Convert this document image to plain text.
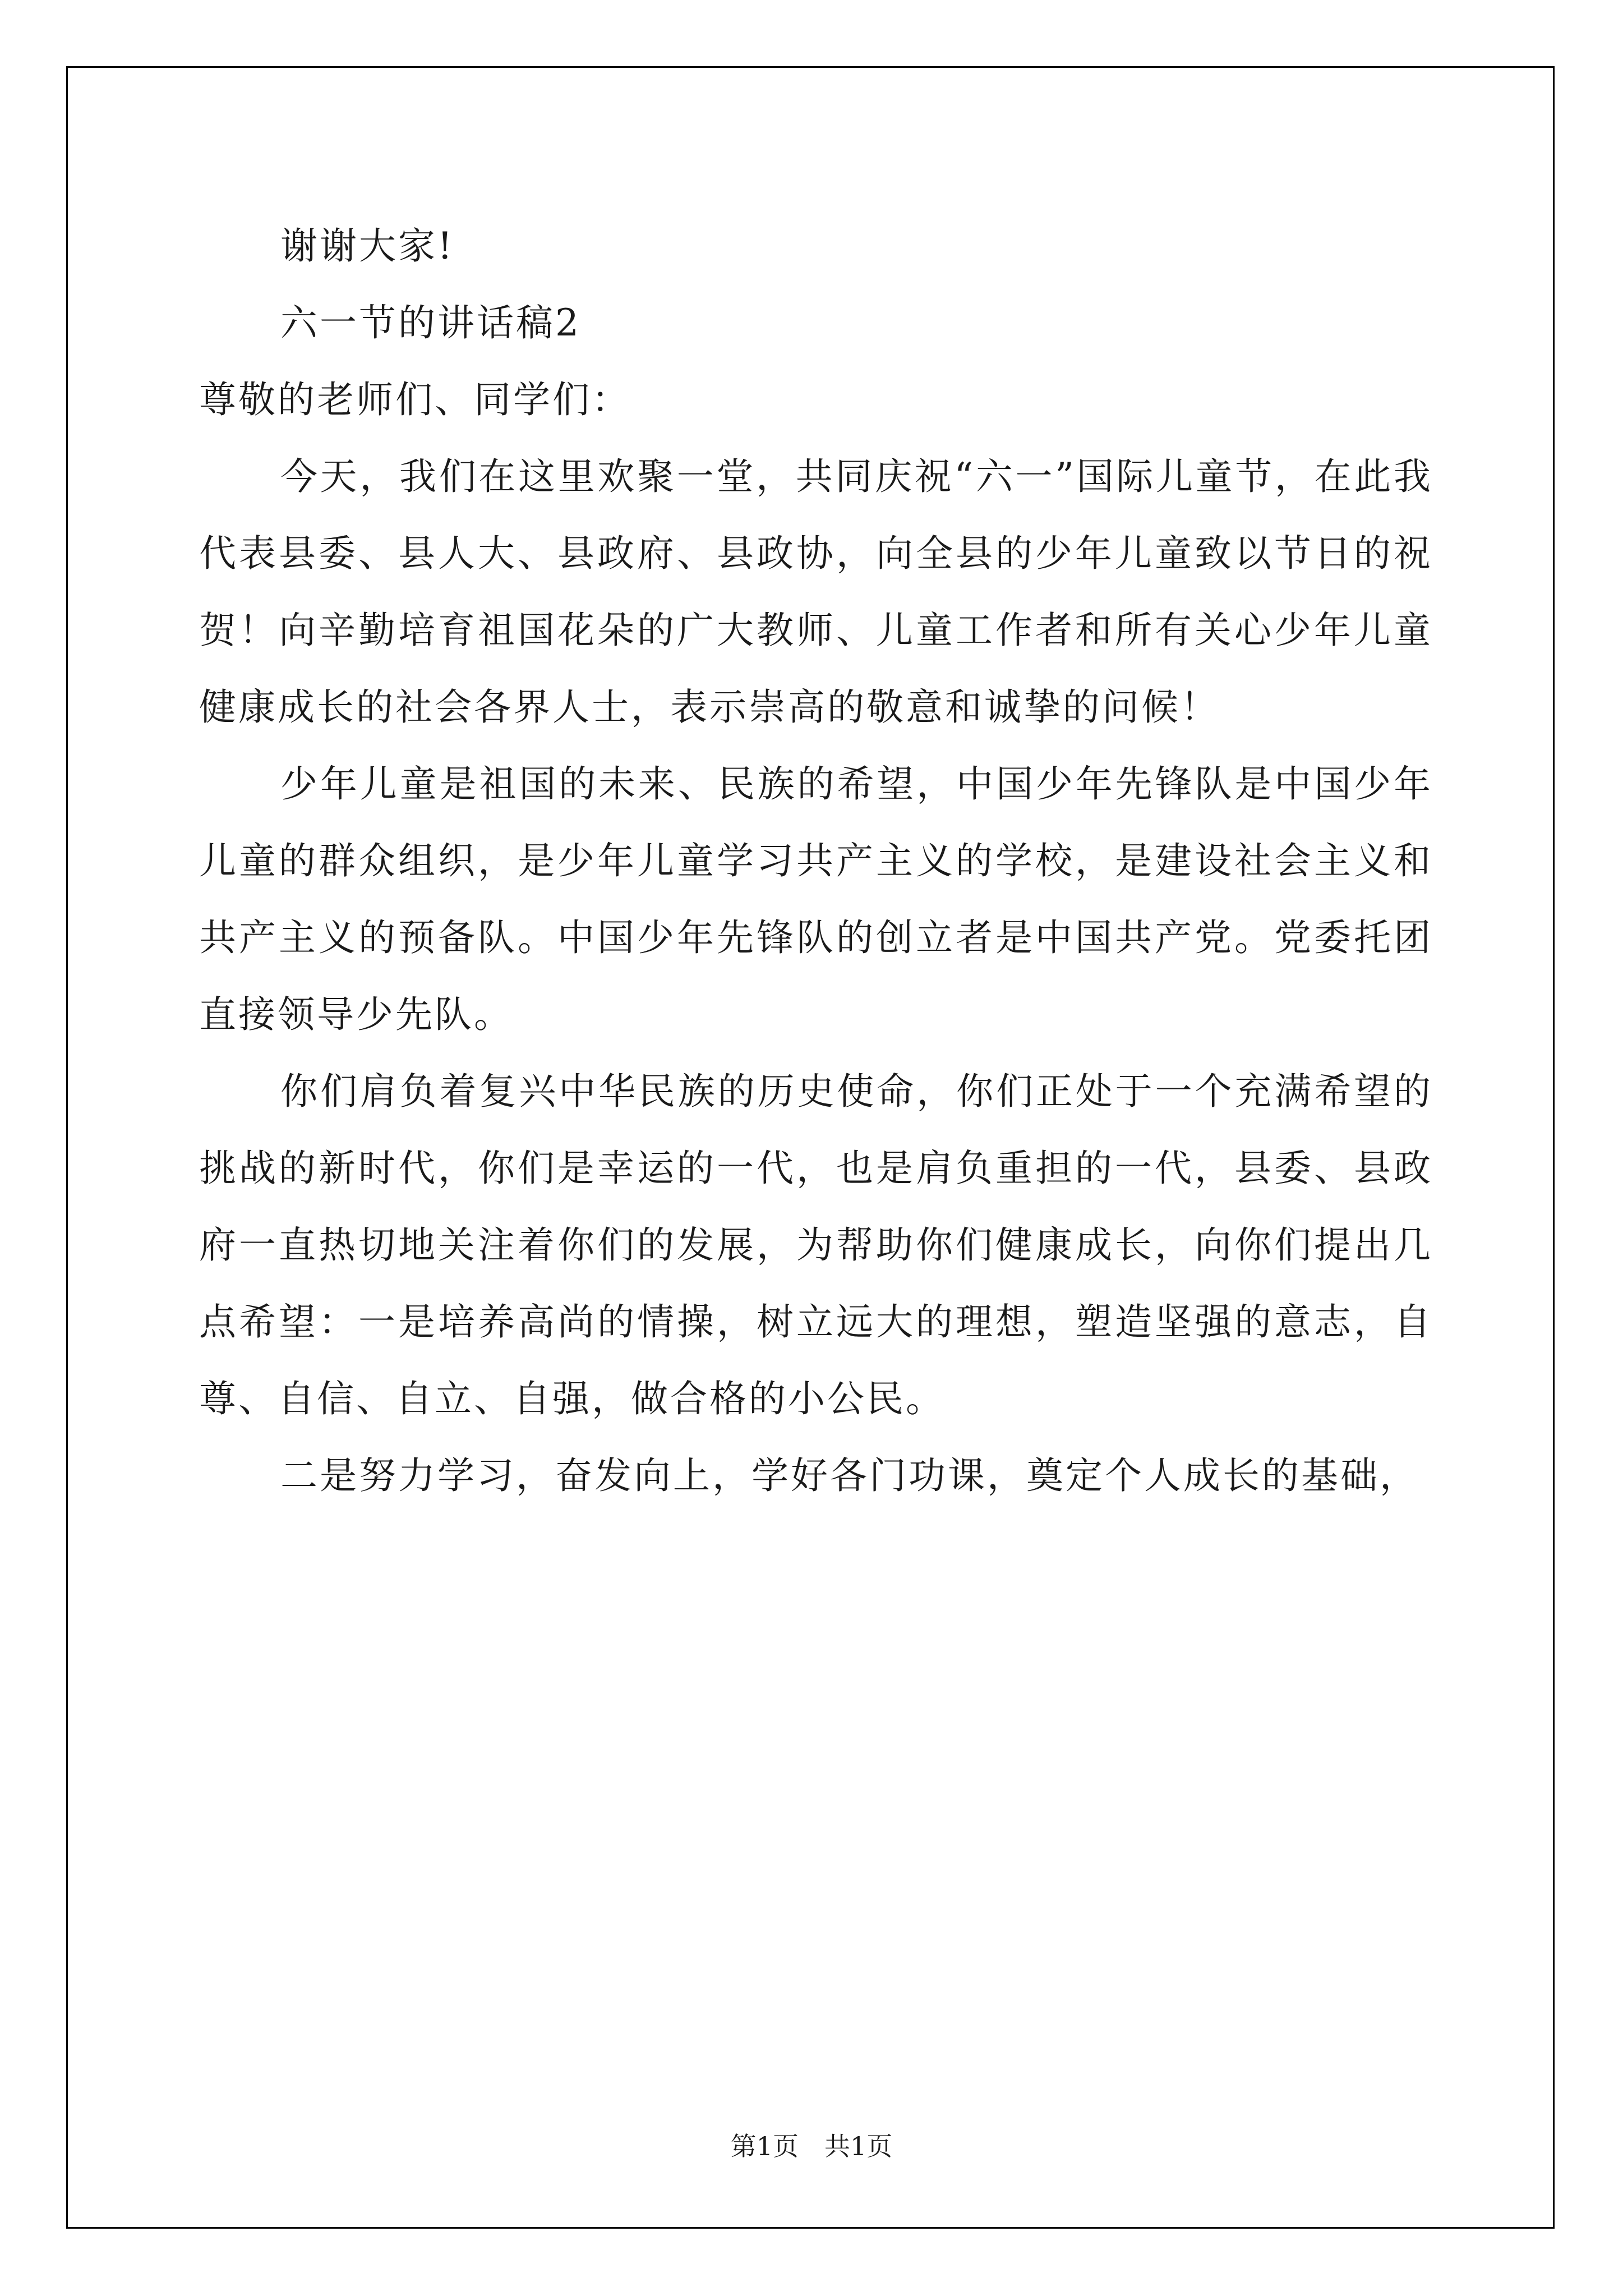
谢谢大家!

六一节的讲话稿2

尊敬的老师们、同学们：

今天，我们在这里欢聚一堂，共同庆祝“六一”国际儿童节，在此我代表县委、县人大、县政府、县政协，向全县的少年儿童致以节日的祝贺！向辛勤培育祖国花朵的广大教师、儿童工作者和所有关心少年儿童健康成长的社会各界人士，表示崇高的敬意和诚挚的问候！

少年儿童是祖国的未来、民族的希望，中国少年先锋队是中国少年儿童的群众组织，是少年儿童学习共产主义的学校，是建设社会主义和共产主义的预备队。中国少年先锋队的创立者是中国共产党。党委托团直接领导少先队。

你们肩负着复兴中华民族的历史使命，你们正处于一个充满希望的挑战的新时代，你们是幸运的一代，也是肩负重担的一代，县委、县政府一直热切地关注着你们的发展，为帮助你们健康成长，向你们提出几点希望：一是培养高尚的情操，树立远大的理想，塑造坚强的意志，自尊、自信、自立、自强，做合格的小公民。

二是努力学习，奋发向上，学好各门功课，奠定个人成长的基础，

第1页　共1页
